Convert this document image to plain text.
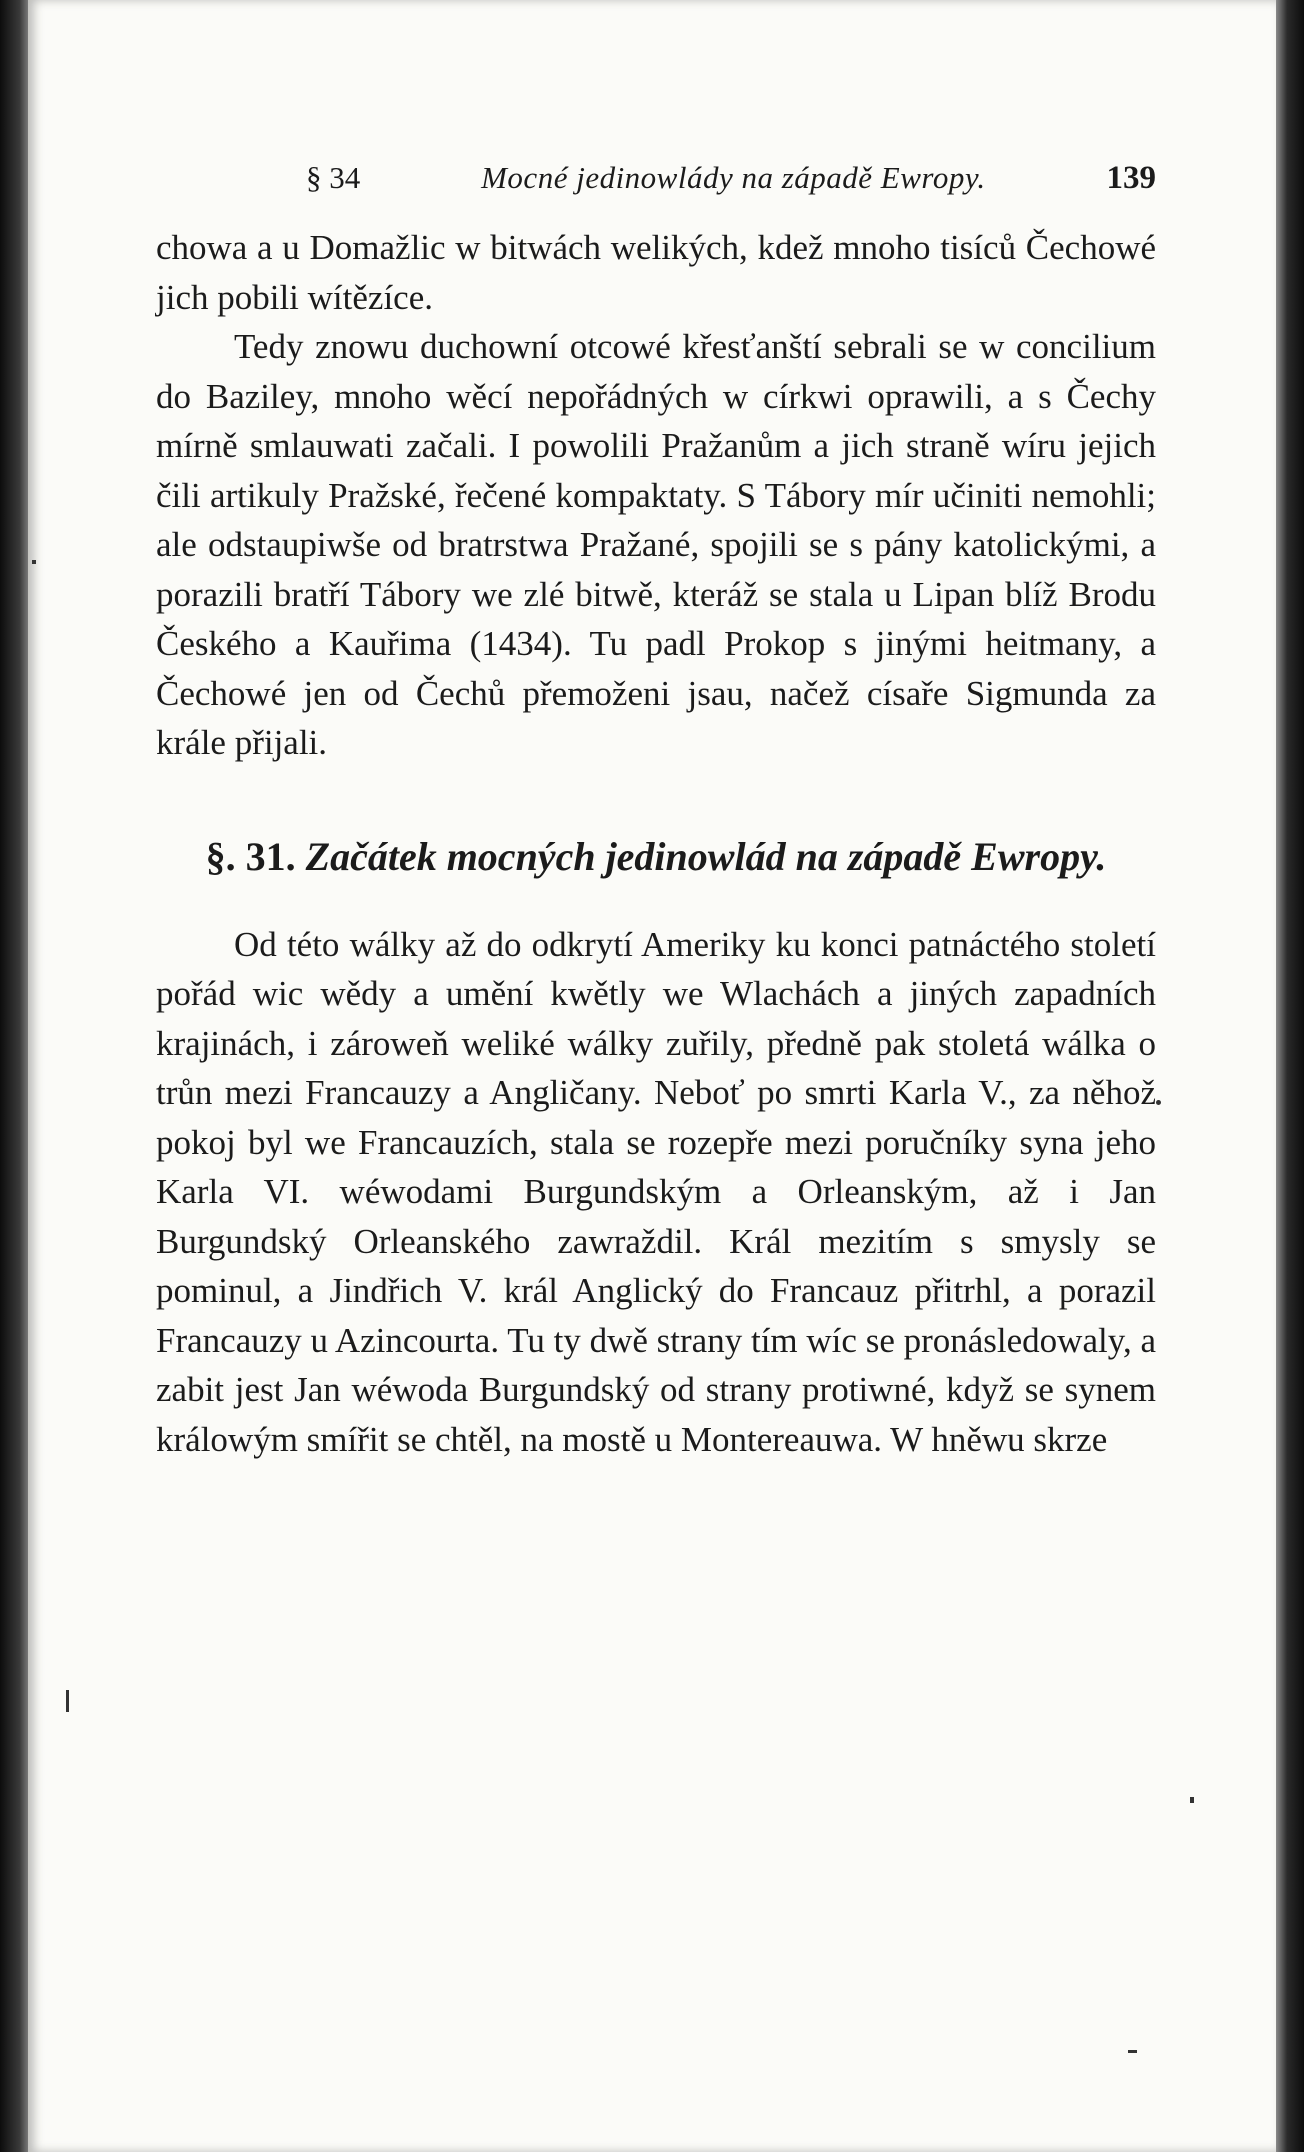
§ 34	Mocné jedinowlády na západě Ewropy.	139

chowa a u Domažlic w bitwách welikých, kdež mnoho tisíců Čechowé jich pobili wítězíce.

Tedy znowu duchowní otcowé křesťanští sebrali se w concilium do Baziley, mnoho wěcí nepořádných w církwi oprawili, a s Čechy mírně smlauwati začali. I powolili Pražanům a jich straně wíru jejich čili artikuly Pražské, řečené kompaktaty. S Tábory mír učiniti nemohli; ale odstaupiwše od bratrstwa Pražané, spojili se s pány katolickými, a porazili bratří Tábory we zlé bitwě, kteráž se stala u Lipan blíž Brodu Českého a Kauřima (1434). Tu padl Prokop s jinými heitmany, a Čechowé jen od Čechů přemoženi jsau, načež císaře Sigmunda za krále přijali.

§. 31. Začátek mocných jedinowlád na západě Ewropy.

Od této wálky až do odkrytí Ameriky ku konci patnáctého století pořád wic wědy a umění kwětly we Wlachách a jiných zapadních krajinách, i zároweň weliké wálky zuřily, předně pak stoletá wálka o trůn mezi Francauzy a Angličany. Neboť po smrti Karla V., za něhož pokoj byl we Francauzích, stala se rozepře mezi poručníky syna jeho Karla VI. wéwodami Burgundským a Orleanským, až i Jan Burgundský Orleanského zawraždil. Král mezitím s smysly se pominul, a Jindřich V. král Anglický do Francauz přitrhl, a porazil Francauzy u Azincourta. Tu ty dwě strany tím wíc se pronásledowaly, a zabit jest Jan wéwoda Burgundský od strany protiwné, když se synem králowým smířit se chtěl, na mostě u Montereauwa. W hněwu skrze
